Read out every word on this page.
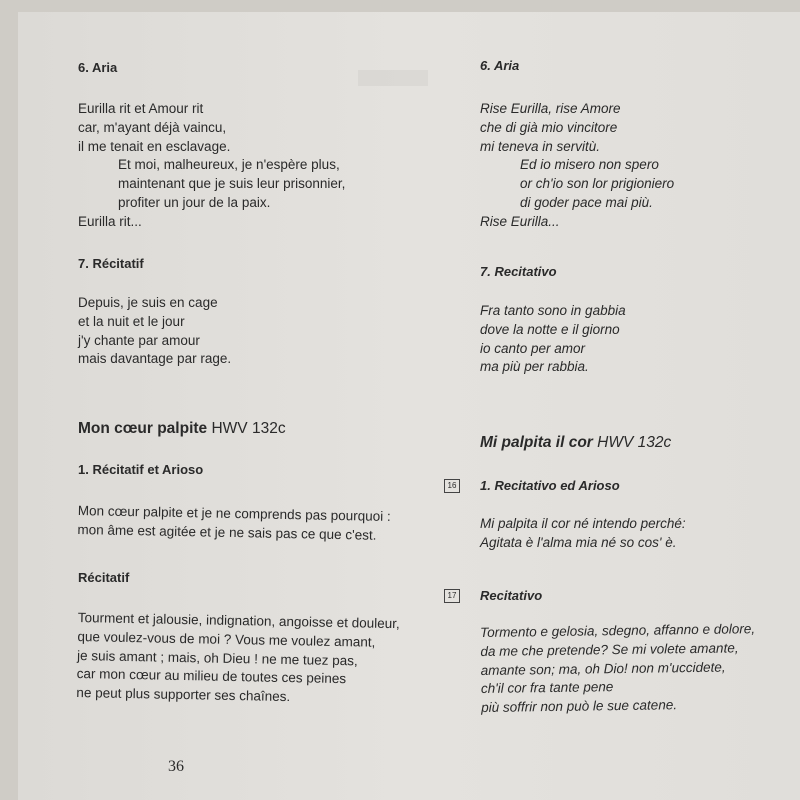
6. Aria
Eurilla rit et Amour rit
car, m'ayant déjà vaincu,
il me tenait en esclavage.
Et moi, malheureux, je n'espère plus,
maintenant que je suis leur prisonnier,
profiter un jour de la paix.
Eurilla rit...
7. Récitatif
Depuis, je suis en cage
et la nuit et le jour
j'y chante par amour
mais davantage par rage.
Mon cœur palpite HWV 132c
1. Récitatif et Arioso
Mon cœur palpite et je ne comprends pas pourquoi :
mon âme est agitée et je ne sais pas ce que c'est.
Récitatif
Tourment et jalousie, indignation, angoisse et douleur,
que voulez-vous de moi ? Vous me voulez amant,
je suis amant ; mais, oh Dieu ! ne me tuez pas,
car mon cœur au milieu de toutes ces peines
ne peut plus supporter ses chaînes.
36
6. Aria
Rise Eurilla, rise Amore
che di già mio vincitore
mi teneva in servitù.
Ed io misero non spero
or ch'io son lor prigioniero
di goder pace mai più.
Rise Eurilla...
7. Recitativo
Fra tanto sono in gabbia
dove la notte e il giorno
io canto per amor
ma più per rabbia.
Mi palpita il cor HWV 132c
16 1. Recitativo ed Arioso
Mi palpita il cor né intendo perché:
Agitata è l'alma mia né so cos' è.
17 Recitativo
Tormento e gelosia, sdegno, affanno e dolore,
da me che pretende? Se mi volete amante,
amante son; ma, oh Dio! non m'uccidete,
ch'il cor fra tante pene
più soffrir non può le sue catene.
